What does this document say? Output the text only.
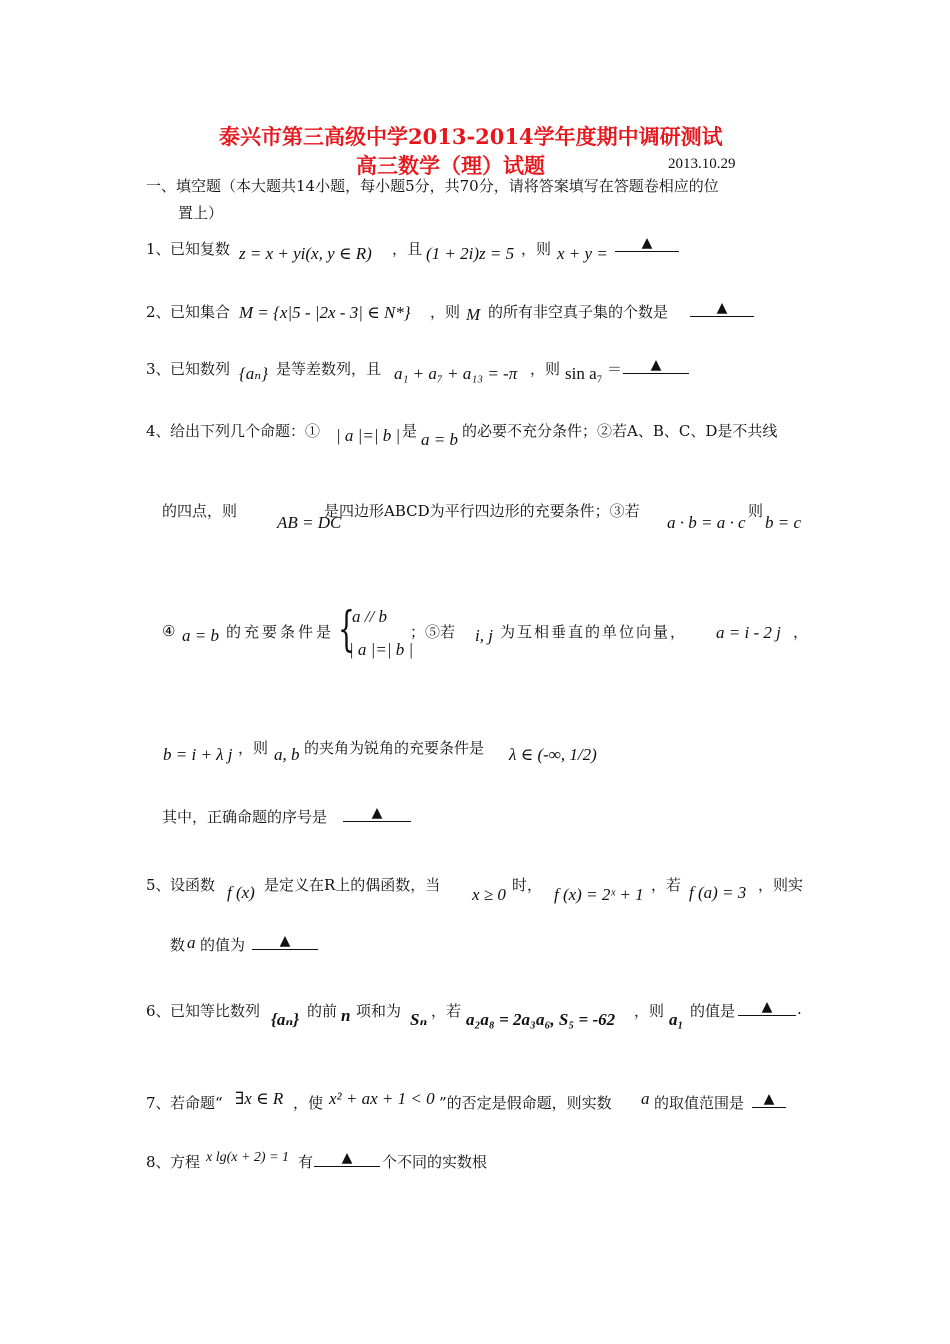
泰兴市第三高级中学2013-2014学年度期中调研测试
高三数学（理）试题	2013.10.29
一、填空题（本大题共14小题，每小题5分，共70分，请将答案填写在答题卷相应的位
置上）
1、 已知复数 z = x + yi(x, y ∈ R) ，且 (1 + 2i)z = 5 ，则 x + y =
▲
2、 已知集合 M = {x|5 - |2x - 3| ∈ N*} ，则 M 的所有非空真子集的个数是	▲
3、 已知数列 {aₙ} 是等差数列，且 a₁ + a₇ + a₁₃ = -π ，则 sin a₇ ＝	▲
4、 给出下列几个命题：① | a |=| b | 是 a = b 的必要不充分条件；②若A、B、C、D是不共线
的四点，则
AB = DC
是四边形ABCD为平行四边形的充要条件；③若
a · b = a · c
则
b = c
④ a = b 的充要条件是 {
a // b
| a |=| b |
；⑤若 i, j 为互相垂直的单位向量， a = i - 2 j ，
b = i + λ j ，则 a, b 的夹角为锐角的充要条件是 λ ∈ (-∞, 1/2)
其中，正确命题的序号是	▲
5、 设函数 f (x) 是定义在R上的偶函数，当 x ≥ 0 时， f (x) = 2ˣ + 1 ，若 f (a) = 3 ，则实
数 a 的值为	▲
6、 已知等比数列 {aₙ} 的前 n 项和为 Sₙ ，若 a₂a₈ = 2a₃a₆, S₅ = -62 ，则 a₁ 的值是	▲	.
7、 若命题“ ∃x ∈ R ，使 x² + ax + 1 < 0 ”的否定是假命题，则实数 a 的取值范围是	▲
8、 方程 x lg(x + 2) = 1 有	▲	个不同的实数根
